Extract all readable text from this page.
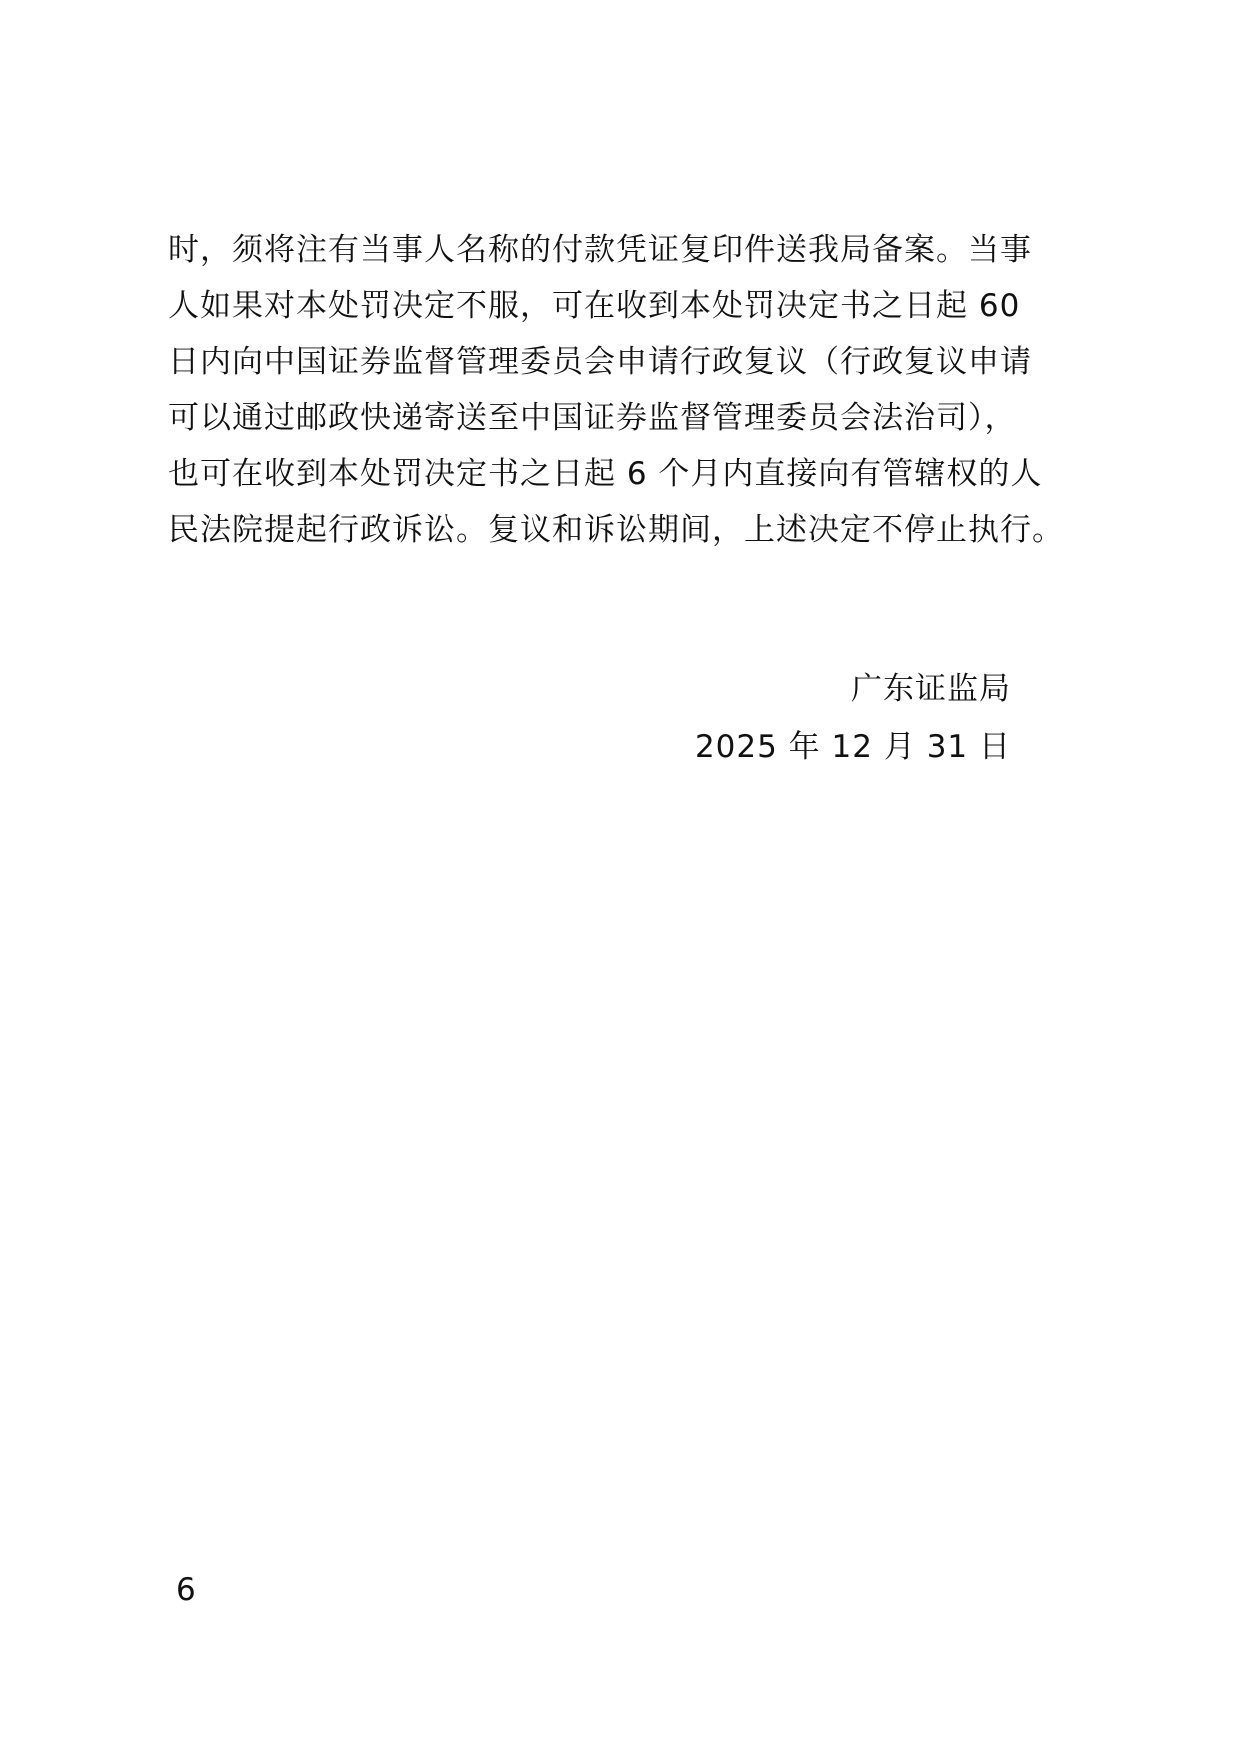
时，须将注有当事人名称的付款凭证复印件送我局备案。当事
人如果对本处罚决定不服，可在收到本处罚决定书之日起 60
日内向中国证券监督管理委员会申请行政复议（行政复议申请
可以通过邮政快递寄送至中国证券监督管理委员会法治司），
也可在收到本处罚决定书之日起 6 个月内直接向有管辖权的人
民法院提起行政诉讼。复议和诉讼期间，上述决定不停止执行。
广东证监局
2025 年 12 月 31 日
6
